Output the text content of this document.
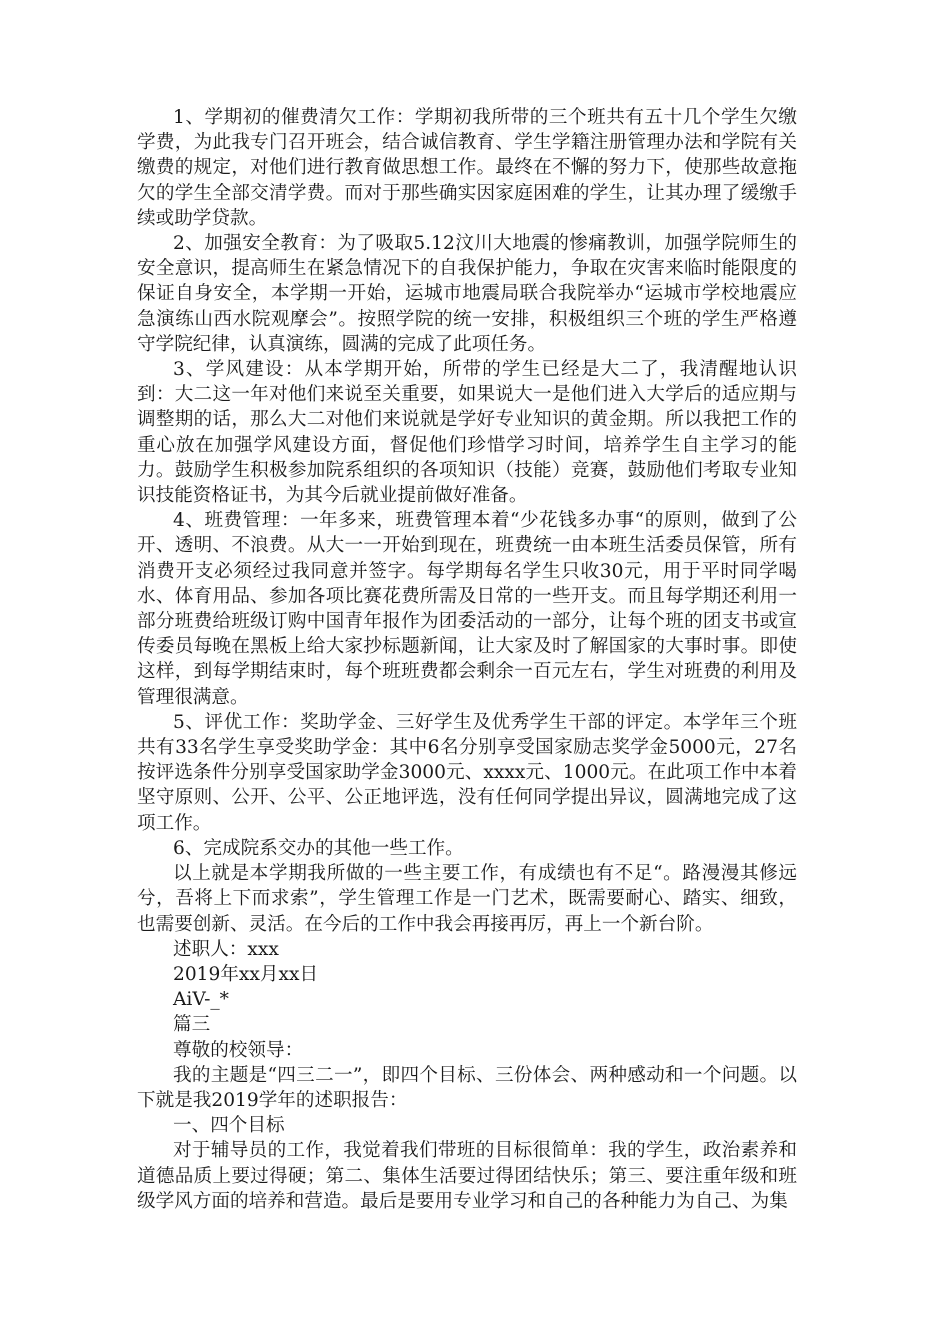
1、学期初的催费清欠工作：学期初我所带的三个班共有五十几个学生欠缴学费，为此我专门召开班会，结合诚信教育、学生学籍注册管理办法和学院有关缴费的规定，对他们进行教育做思想工作。最终在不懈的努力下，使那些故意拖欠的学生全部交清学费。而对于那些确实因家庭困难的学生，让其办理了缓缴手续或助学贷款。

2、加强安全教育：为了吸取5.12汶川大地震的惨痛教训，加强学院师生的安全意识，提高师生在紧急情况下的自我保护能力，争取在灾害来临时能限度的保证自身安全，本学期一开始，运城市地震局联合我院举办“运城市学校地震应急演练山西水院观摩会”。按照学院的统一安排，积极组织三个班的学生严格遵守学院纪律，认真演练，圆满的完成了此项任务。

3、学风建设：从本学期开始，所带的学生已经是大二了，我清醒地认识到：大二这一年对他们来说至关重要，如果说大一是他们进入大学后的适应期与调整期的话，那么大二对他们来说就是学好专业知识的黄金期。所以我把工作的重心放在加强学风建设方面，督促他们珍惜学习时间，培养学生自主学习的能力。鼓励学生积极参加院系组织的各项知识（技能）竞赛，鼓励他们考取专业知识技能资格证书，为其今后就业提前做好准备。

4、班费管理：一年多来，班费管理本着“少花钱多办事“的原则，做到了公开、透明、不浪费。从大一一开始到现在，班费统一由本班生活委员保管，所有消费开支必须经过我同意并签字。每学期每名学生只收30元，用于平时同学喝水、体育用品、参加各项比赛花费所需及日常的一些开支。而且每学期还利用一部分班费给班级订购中国青年报作为团委活动的一部分，让每个班的团支书或宣传委员每晚在黑板上给大家抄标题新闻，让大家及时了解国家的大事时事。即使这样，到每学期结束时，每个班班费都会剩余一百元左右，学生对班费的利用及管理很满意。

5、评优工作：奖助学金、三好学生及优秀学生干部的评定。本学年三个班共有33名学生享受奖助学金：其中6名分别享受国家励志奖学金5000元，27名按评选条件分别享受国家助学金3000元、xxxx元、1000元。在此项工作中本着坚守原则、公开、公平、公正地评选，没有任何同学提出异议，圆满地完成了这项工作。

6、完成院系交办的其他一些工作。

以上就是本学期我所做的一些主要工作，有成绩也有不足“。路漫漫其修远兮，吾将上下而求索”，学生管理工作是一门艺术，既需要耐心、踏实、细致，也需要创新、灵活。在今后的工作中我会再接再厉，再上一个新台阶。

述职人：xxx

2019年xx月xx日

AiV-_*

篇三

尊敬的校领导：

我的主题是“四三二一”，即四个目标、三份体会、两种感动和一个问题。以下就是我2019学年的述职报告：

一、四个目标

对于辅导员的工作，我觉着我们带班的目标很简单：我的学生，政治素养和道德品质上要过得硬；第二、集体生活要过得团结快乐；第三、要注重年级和班级学风方面的培养和营造。最后是要用专业学习和自己的各种能力为自己、为集
